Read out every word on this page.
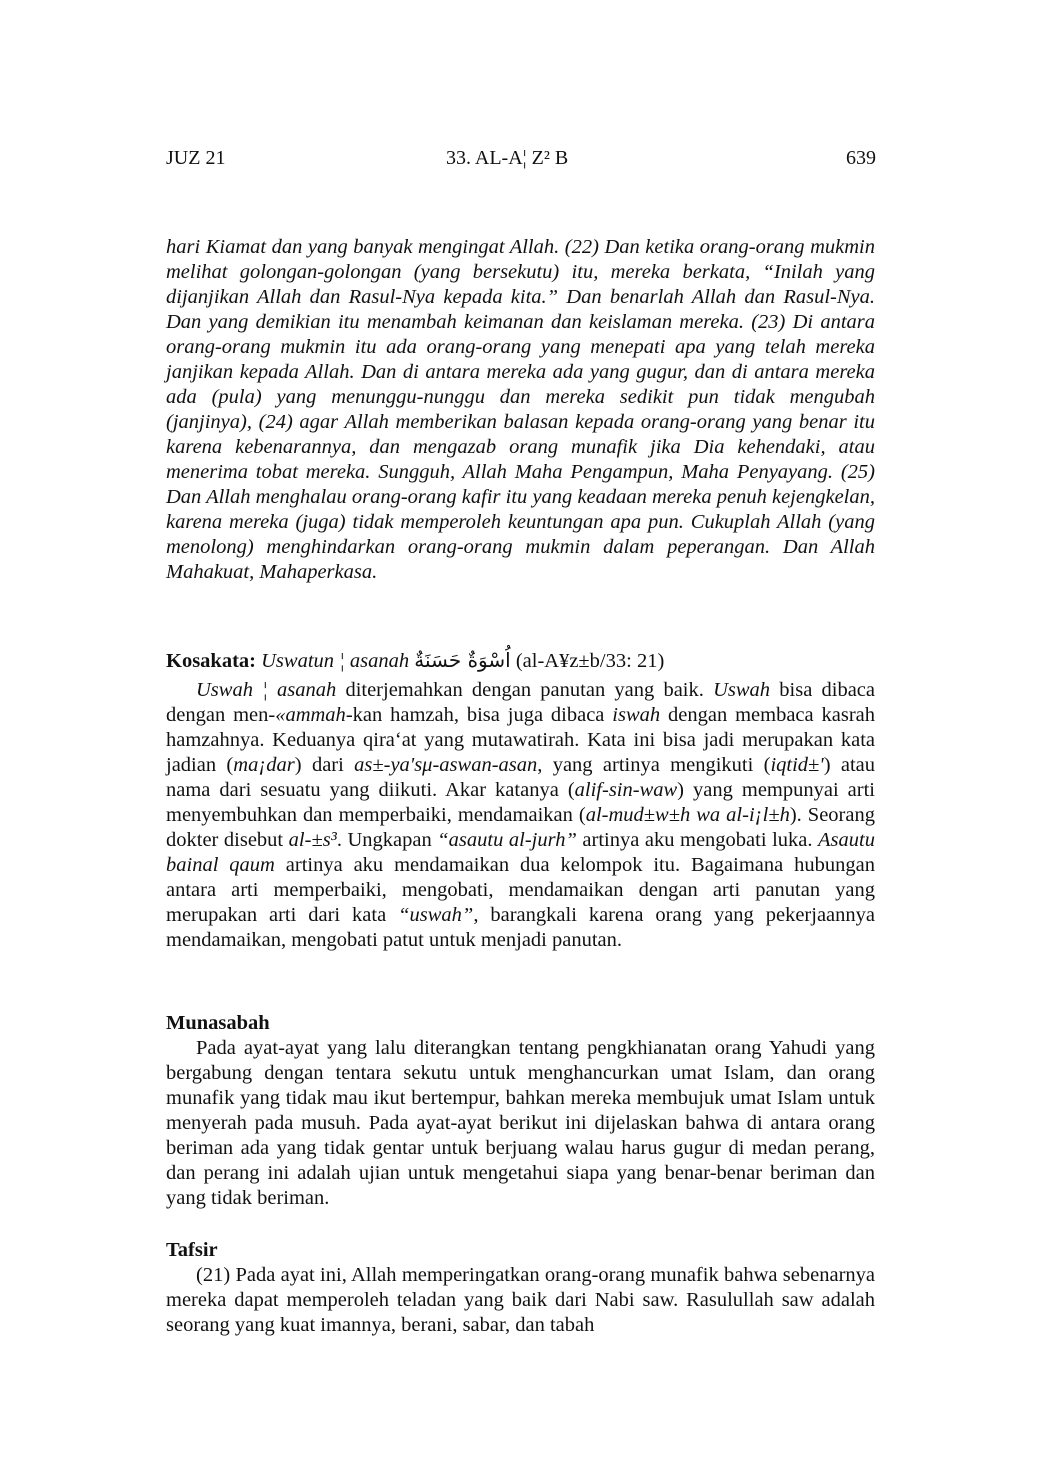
JUZ 21	33. AL-A¦ Z² B	639
hari Kiamat dan yang banyak mengingat Allah. (22) Dan ketika orang-orang mukmin melihat golongan-golongan (yang bersekutu) itu, mereka berkata, “Inilah yang dijanjikan Allah dan Rasul-Nya kepada kita.” Dan benarlah Allah dan Rasul-Nya. Dan yang demikian itu menambah keimanan dan keislaman mereka. (23) Di antara orang-orang mukmin itu ada orang-orang yang menepati apa yang telah mereka janjikan kepada Allah. Dan di antara mereka ada yang gugur, dan di antara mereka ada (pula) yang menunggu-nunggu dan mereka sedikit pun tidak mengubah (janjinya), (24) agar Allah memberikan balasan kepada orang-orang yang benar itu karena kebenarannya, dan mengazab orang munafik jika Dia kehendaki, atau menerima tobat mereka. Sungguh, Allah Maha Pengampun, Maha Penyayang. (25) Dan Allah menghalau orang-orang kafir itu yang keadaan mereka penuh kejengkelan, karena mereka (juga) tidak memperoleh keuntungan apa pun. Cukuplah Allah (yang menolong) menghindarkan orang-orang mukmin dalam peperangan. Dan Allah Mahakuat, Mahaperkasa.
Kosakata: Uswatun ¦ asanah اُسْوَةٌ حَسَنَةٌ (al-A¥z±b/33: 21)
Uswah ¦ asanah diterjemahkan dengan panutan yang baik. Uswah bisa dibaca dengan men-«ammah-kan hamzah, bisa juga dibaca iswah dengan membaca kasrah hamzahnya. Keduanya qira‘at yang mutawatirah. Kata ini bisa jadi merupakan kata jadian (ma¡dar) dari as±-ya'sμ-aswan-asan, yang artinya mengikuti (iqtid±') atau nama dari sesuatu yang diikuti. Akar katanya (alif-sin-waw) yang mempunyai arti menyembuhkan dan memperbaiki, mendamaikan (al-mud±w±h wa al-i¡l±h). Seorang dokter disebut al-±s³. Ungkapan “asautu al-jurh” artinya aku mengobati luka. Asautu bainal qaum artinya aku mendamaikan dua kelompok itu. Bagaimana hubungan antara arti memperbaiki, mengobati, mendamaikan dengan arti panutan yang merupakan arti dari kata “uswah”, barangkali karena orang yang pekerjaannya mendamaikan, mengobati patut untuk menjadi panutan.
Munasabah
Pada ayat-ayat yang lalu diterangkan tentang pengkhianatan orang Yahudi yang bergabung dengan tentara sekutu untuk menghancurkan umat Islam, dan orang munafik yang tidak mau ikut bertempur, bahkan mereka membujuk umat Islam untuk menyerah pada musuh. Pada ayat-ayat berikut ini dijelaskan bahwa di antara orang beriman ada yang tidak gentar untuk berjuang walau harus gugur di medan perang, dan perang ini adalah ujian untuk mengetahui siapa yang benar-benar beriman dan yang tidak beriman.
Tafsir
(21) Pada ayat ini, Allah memperingatkan orang-orang munafik bahwa sebenarnya mereka dapat memperoleh teladan yang baik dari Nabi saw. Rasulullah saw adalah seorang yang kuat imannya, berani, sabar, dan tabah
